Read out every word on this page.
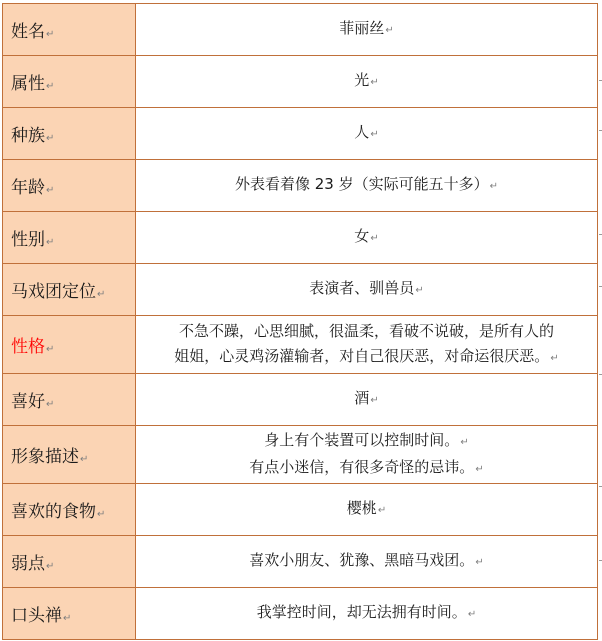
姓名↵	菲丽丝↵
属性↵	光↵
种族↵	人↵
年龄↵	外表看着像 23 岁（实际可能五十多）↵
性别↵	女↵
马戏团定位↵	表演者、驯兽员↵
性格↵	不急不躁，心思细腻，很温柔，看破不说破，是所有人的
姐姐，心灵鸡汤灌输者，对自己很厌恶，对命运很厌恶。↵

喜好↵	酒↵
形象描述↵	身上有个装置可以控制时间。↵
有点小迷信，有很多奇怪的忌讳。↵

喜欢的食物↵	樱桃↵
弱点↵	喜欢小朋友、犹豫、黑暗马戏团。↵
口头禅↵	我掌控时间，却无法拥有时间。↵
